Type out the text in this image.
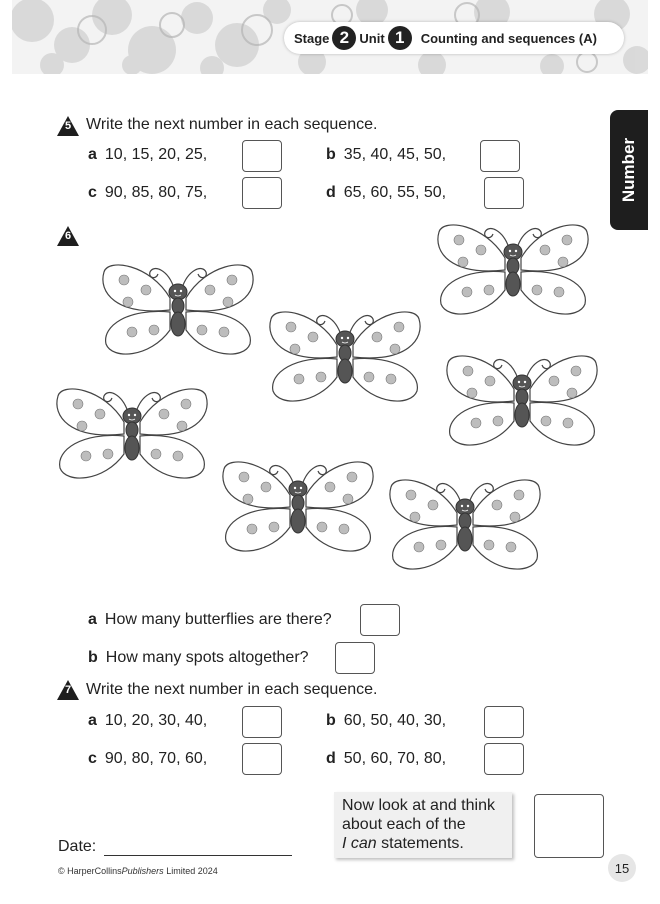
Stage 2 Unit 1	Counting and sequences (A)
Number
5 Write the next number in each sequence.
a 10, 15, 20, 25,	b 35, 40, 45, 50,
c 90, 85, 80, 75,	d 65, 60, 55, 50,
6
a How many butterflies are there?
b How many spots altogether?
7 Write the next number in each sequence.
a 10, 20, 30, 40,	b 60, 50, 40, 30,
c 90, 80, 70, 60,	d 50, 60, 70, 80,
Now look at and think
about each of the
I can statements.
Date:
© HarperCollinsPublishers Limited 2024	15
